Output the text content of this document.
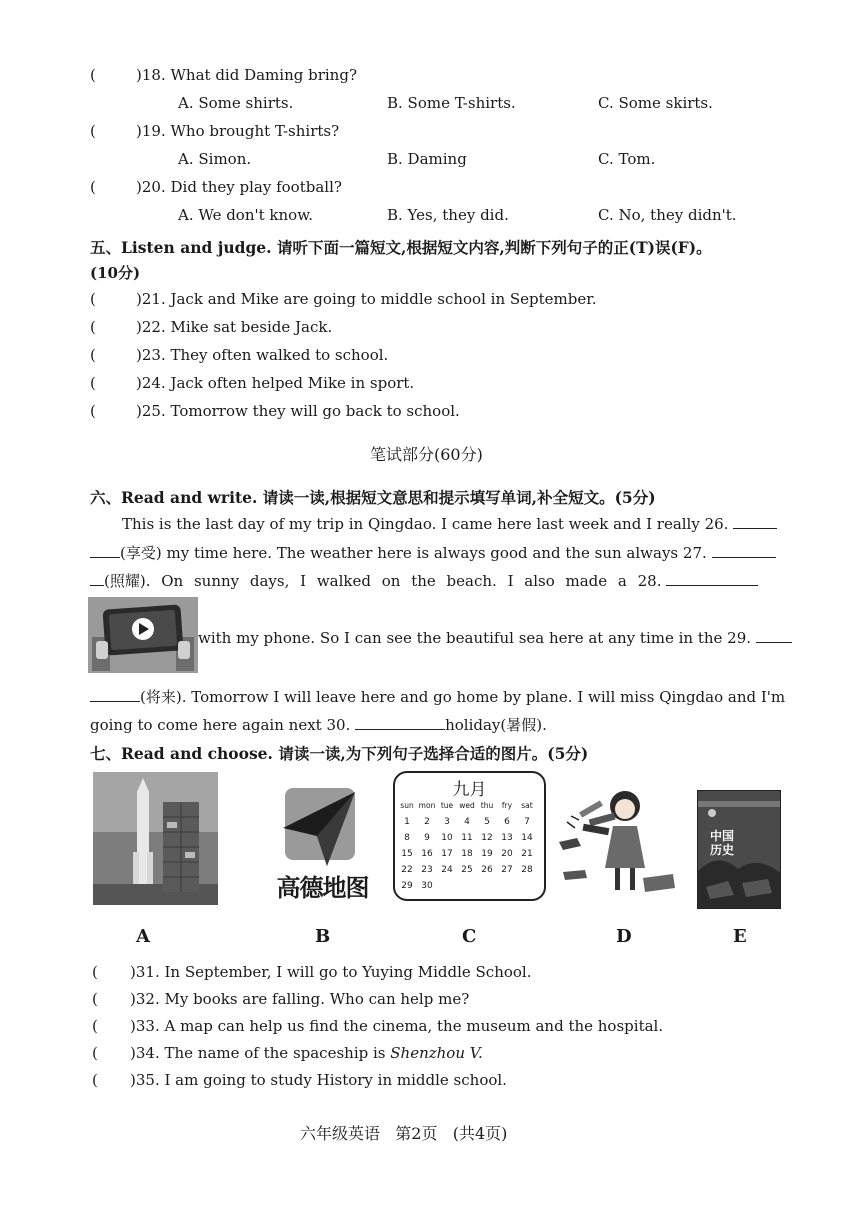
(	)18. What did Daming bring?
A. Some shirts.	B. Some T-shirts.	C. Some skirts.
(	)19. Who brought T-shirts?
A. Simon.	B. Daming	C. Tom.
(	)20. Did they play football?
A. We don't know.	B. Yes, they did.	C. No, they didn't.
五、Listen and judge. 请听下面一篇短文,根据短文内容,判断下列句子的正(T)误(F)。
(10分)
(	)21. Jack and Mike are going to middle school in September.
(	)22. Mike sat beside Jack.
(	)23. They often walked to school.
(	)24. Jack often helped Mike in sport.
(	)25. Tomorrow they will go back to school.
笔试部分(60分)
六、Read and write. 请读一读,根据短文意思和提示填写单词,补全短文。(5分)
This is the last day of my trip in Qingdao. I came here last week and I really 26.
(享受) my time here. The weather here is always good and the sun always 27.
(照耀). On sunny days, I walked on the beach. I also made a 28.
with my phone. So I can see the beautiful sea here at any time in the 29.
(将来). Tomorrow I will leave here and go home by plane. I will miss Qingdao and I'm
going to come here again next 30.	holiday(暑假).
七、Read and choose. 请读一读,为下列句子选择合适的图片。(5分)
高德地图
九月
sun mon tue wed thu	fry	sat
1	2	3	4	5	6	7
8	9	10 11 12 13 14
15 16 17 18 19 20 21
22 23 24 25 26 27 28
29 30
中国
历史
A	B	C	D	E
( )31. In September, I will go to Yuying Middle School.
( )32. My books are falling. Who can help me?
( )33. A map can help us find the cinema, the museum and the hospital.
( )34. The name of the spaceship is Shenzhou V.
( )35. I am going to study History in middle school.
六年级英语   第2页   (共4页)
